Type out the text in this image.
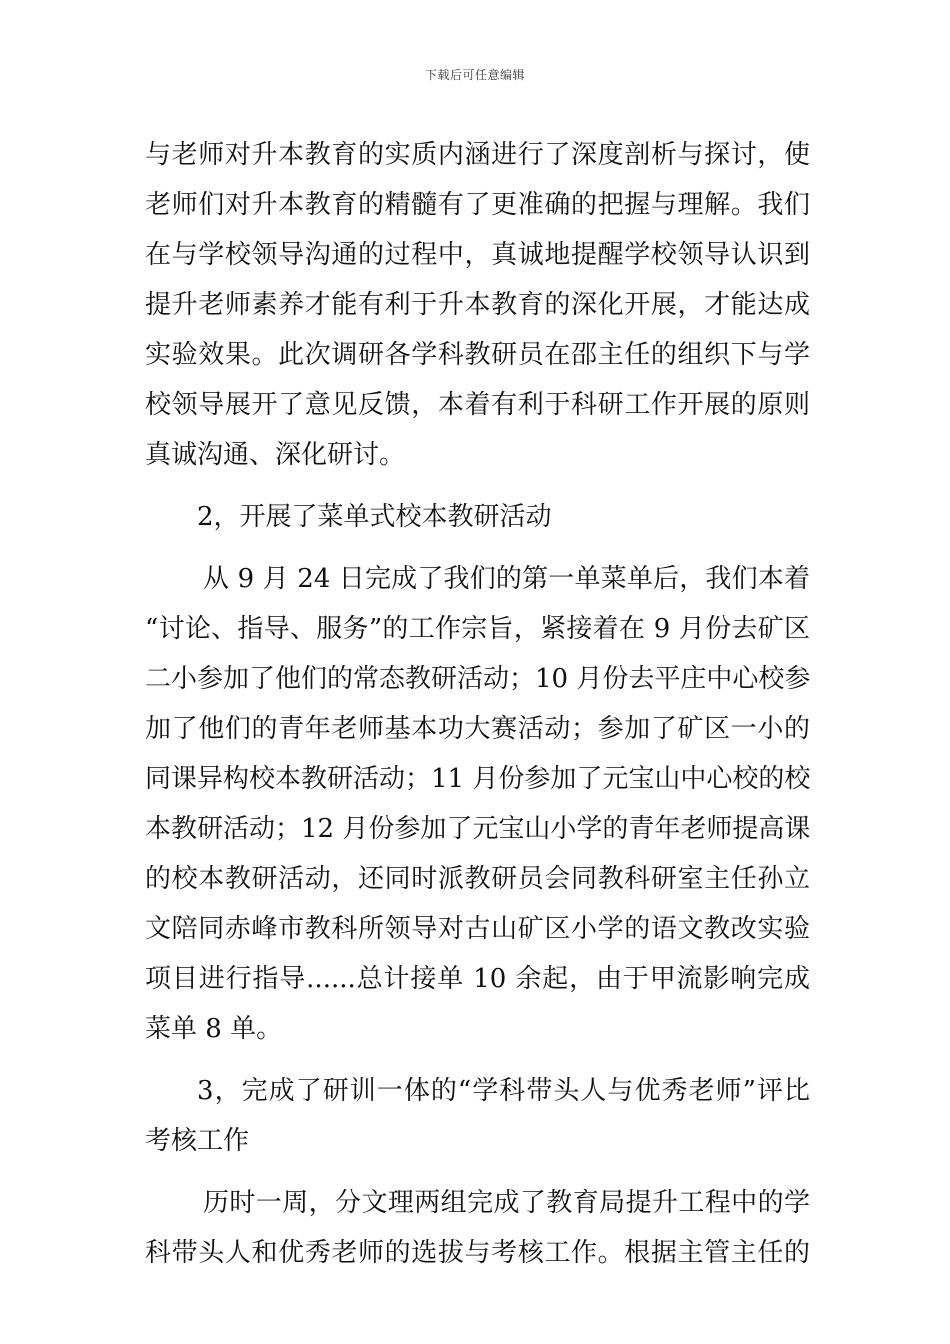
下载后可任意编辑
与老师对升本教育的实质内涵进行了深度剖析与探讨，使
老师们对升本教育的精髓有了更准确的把握与理解。我们
在与学校领导沟通的过程中，真诚地提醒学校领导认识到
提升老师素养才能有利于升本教育的深化开展，才能达成
实验效果。此次调研各学科教研员在邵主任的组织下与学
校领导展开了意见反馈，本着有利于科研工作开展的原则
真诚沟通、深化研讨。
2，开展了菜单式校本教研活动
从 9 月 24 日完成了我们的第一单菜单后，我们本着
“讨论、指导、服务”的工作宗旨，紧接着在 9 月份去矿区
二小参加了他们的常态教研活动；10 月份去平庄中心校参
加了他们的青年老师基本功大赛活动；参加了矿区一小的
同课异构校本教研活动；11 月份参加了元宝山中心校的校
本教研活动；12 月份参加了元宝山小学的青年老师提高课
的校本教研活动，还同时派教研员会同教科研室主任孙立
文陪同赤峰市教科所领导对古山矿区小学的语文教改实验
项目进行指导......总计接单 10 余起，由于甲流影响完成
菜单 8 单。
3，完成了研训一体的“学科带头人与优秀老师”评比
考核工作
历时一周，分文理两组完成了教育局提升工程中的学
科带头人和优秀老师的选拔与考核工作。根据主管主任的
